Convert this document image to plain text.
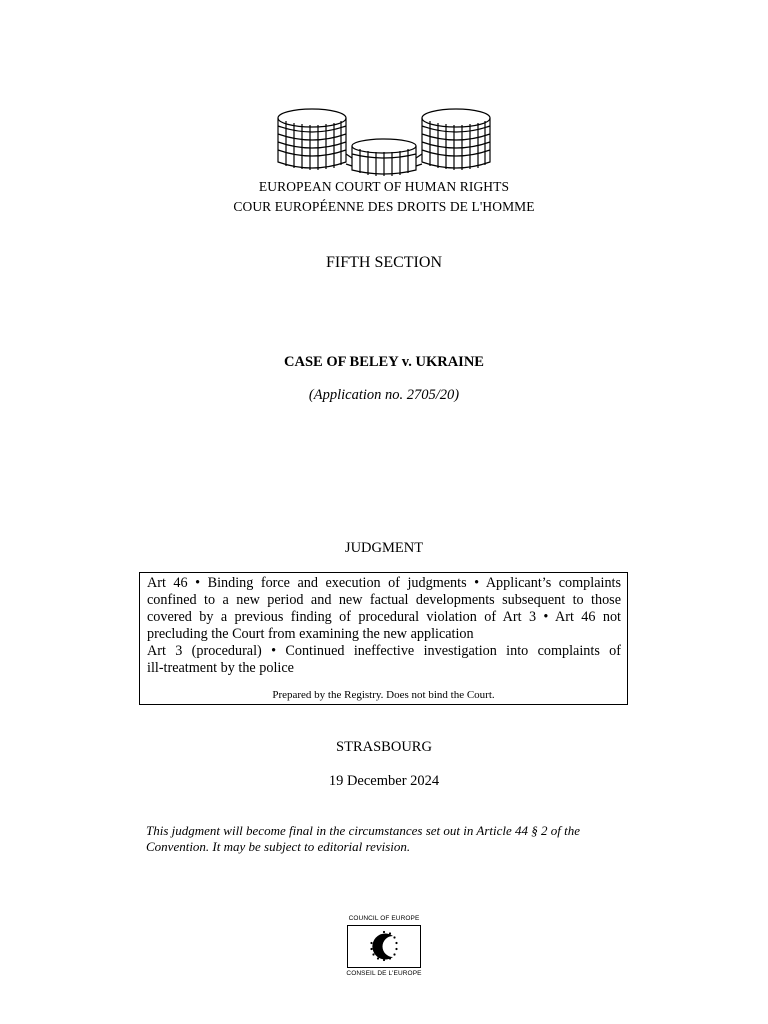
EUROPEAN COURT OF HUMAN RIGHTS
COUR EUROPÉENNE DES DROITS DE L'HOMME
FIFTH SECTION
CASE OF BELEY v. UKRAINE
(Application no. 2705/20)
JUDGMENT
Art 46 • Binding force and execution of judgments • Applicant’s complaints
confined to a new period and new factual developments subsequent to those
covered by a previous finding of procedural violation of Art 3 • Art 46 not
precluding the Court from examining the new application
Art 3 (procedural) • Continued ineffective investigation into complaints of
ill-treatment by the police
Prepared by the Registry. Does not bind the Court.
STRASBOURG
19 December 2024
This judgment will become final in the circumstances set out in Article 44 § 2 of the
Convention. It may be subject to editorial revision.
COUNCIL OF EUROPE
CONSEIL DE L'EUROPE
